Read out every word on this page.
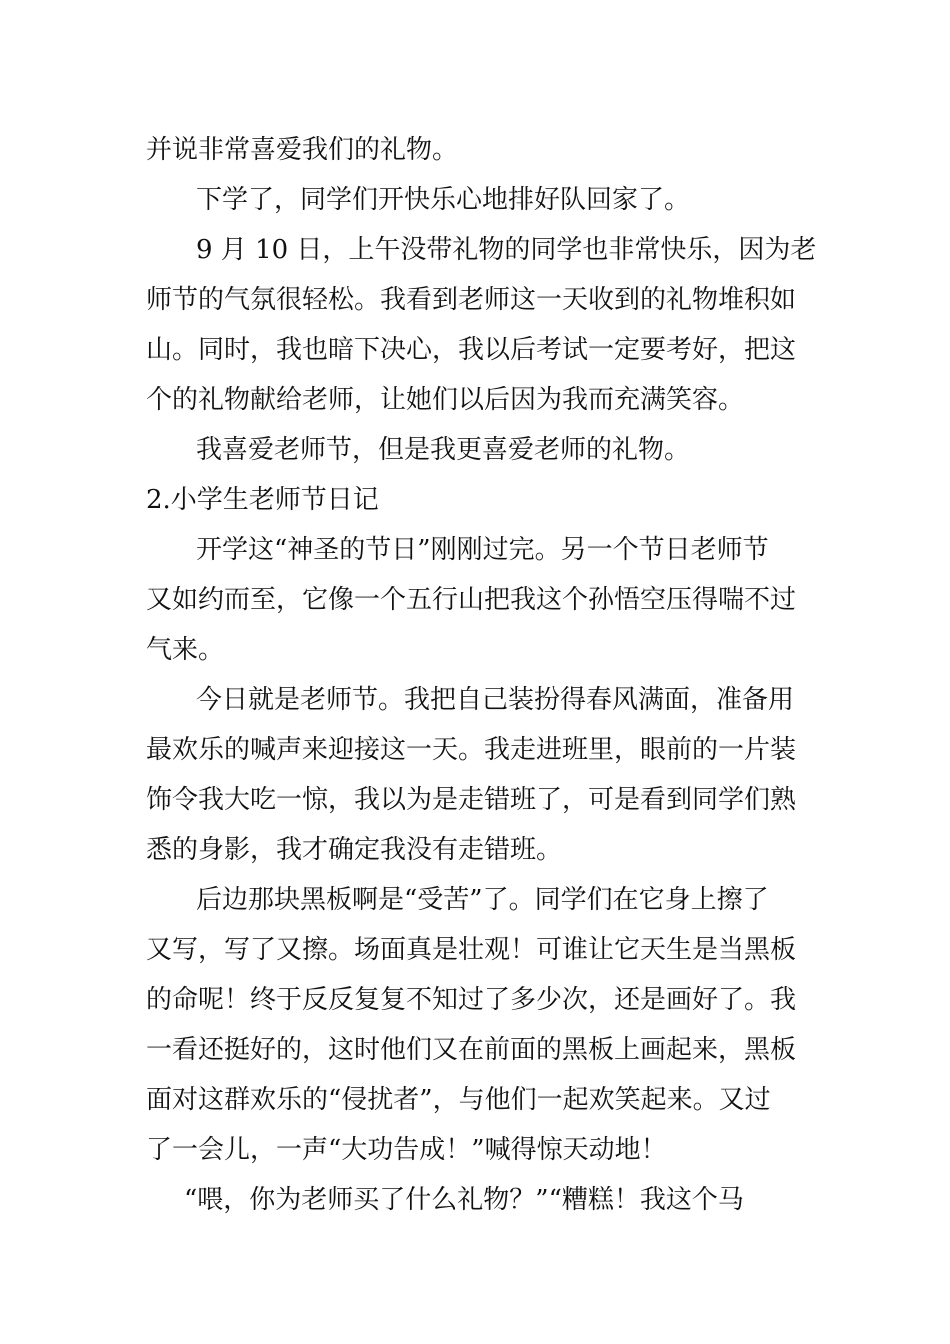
并说非常喜爱我们的礼物。
下学了，同学们开快乐心地排好队回家了。
9 月 10 日，上午没带礼物的同学也非常快乐，因为老
师节的气氛很轻松。我看到老师这一天收到的礼物堆积如
山。同时，我也暗下决心，我以后考试一定要考好，把这
个的礼物献给老师，让她们以后因为我而充满笑容。
我喜爱老师节，但是我更喜爱老师的礼物。
2.小学生老师节日记
开学这“神圣的节日”刚刚过完。另一个节日老师节
又如约而至，它像一个五行山把我这个孙悟空压得喘不过
气来。
今日就是老师节。我把自己装扮得春风满面，准备用
最欢乐的喊声来迎接这一天。我走进班里，眼前的一片装
饰令我大吃一惊，我以为是走错班了，可是看到同学们熟
悉的身影，我才确定我没有走错班。
后边那块黑板啊是“受苦”了。同学们在它身上擦了
又写，写了又擦。场面真是壮观！可谁让它天生是当黑板
的命呢！终于反反复复不知过了多少次，还是画好了。我
一看还挺好的，这时他们又在前面的黑板上画起来，黑板
面对这群欢乐的“侵扰者”，与他们一起欢笑起来。又过
了一会儿，一声“大功告成！”喊得惊天动地！
“喂，你为老师买了什么礼物？”“糟糕！我这个马
